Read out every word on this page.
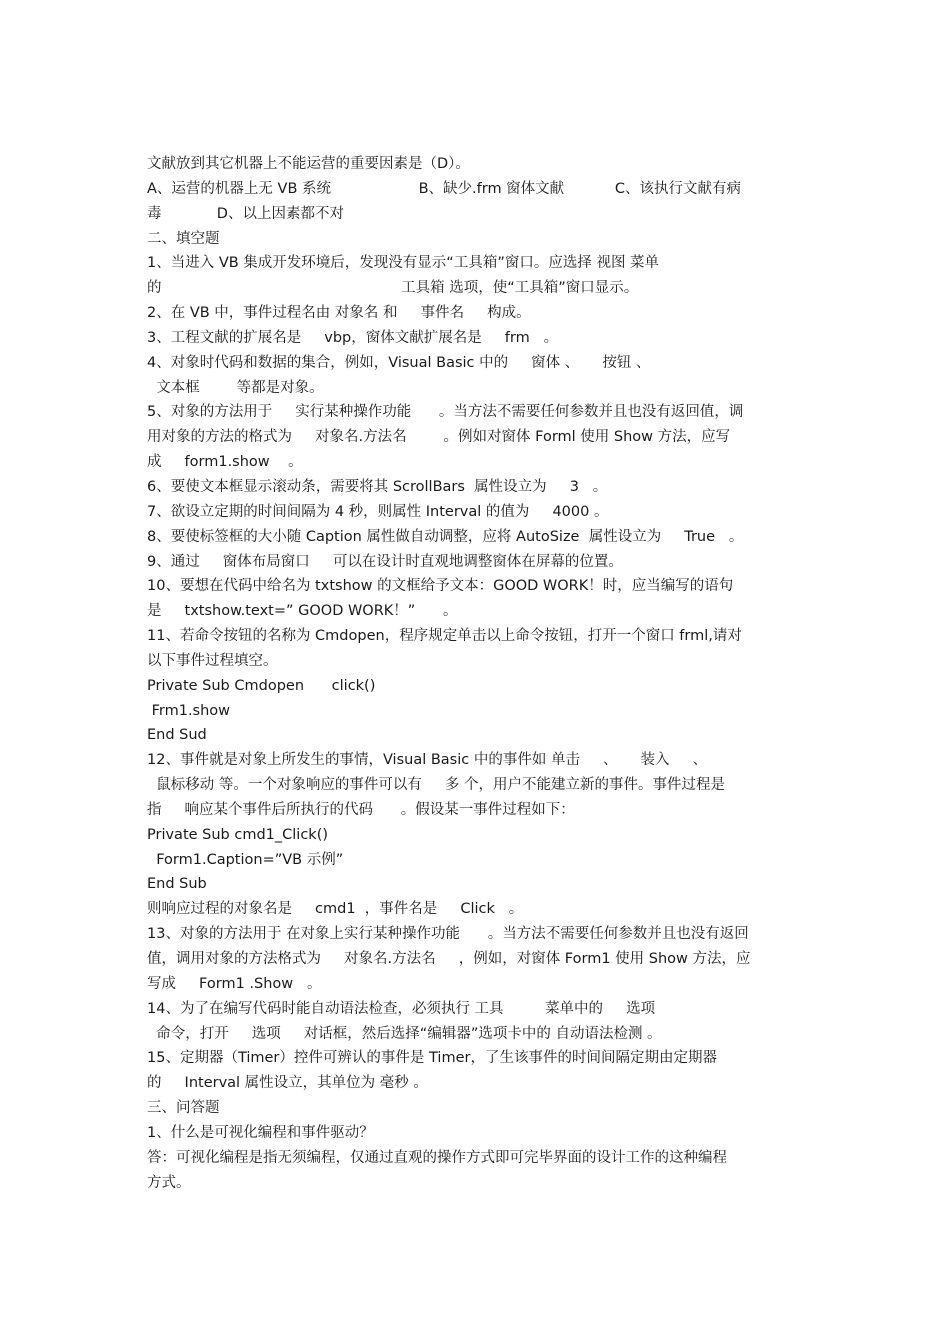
文献放到其它机器上不能运营的重要因素是（D）。
A、运营的机器上无 VB 系统                   B、缺少.frm 窗体文献           C、该执行文献有病
毒            D、以上因素都不对
二、填空题
1、当进入 VB 集成开发环境后，发现没有显示“工具箱”窗口。应选择 视图 菜单
的                                                    工具箱 选项，使“工具箱”窗口显示。
2、在 VB 中，事件过程名由 对象名 和     事件名     构成。
3、工程文献的扩展名是     vbp，窗体文献扩展名是     frm   。
4、对象时代码和数据的集合，例如，Visual Basic 中的     窗体 、     按钮 、
文本框        等都是对象。
5、对象的方法用于     实行某种操作功能      。当方法不需要任何参数并且也没有返回值，调
用对象的方法的格式为     对象名.方法名        。例如对窗体 Forml 使用 Show 方法，应写
成     form1.show    。
6、要使文本框显示滚动条，需要将其 ScrollBars  属性设立为     3   。
7、欲设立定期的时间间隔为 4 秒，则属性 Interval 的值为     4000 。
8、要使标签框的大小随 Caption 属性做自动调整，应将 AutoSize  属性设立为     True   。
9、通过     窗体布局窗口     可以在设计时直观地调整窗体在屏幕的位置。
10、要想在代码中给名为 txtshow 的文框给予文本：GOOD WORK！时，应当编写的语句
是     txtshow.text=” GOOD WORK！”      。
11、若命令按钮的名称为 Cmdopen，程序规定单击以上命令按钮，打开一个窗口 frml,请对
以下事件过程填空。
Private Sub Cmdopen      click()
Frm1.show
End Sud
12、事件就是对象上所发生的事情，Visual Basic 中的事件如 单击     、     装入     、
鼠标移动 等。一个对象响应的事件可以有     多 个，用户不能建立新的事件。事件过程是
指     响应某个事件后所执行的代码      。假设某一事件过程如下：
Private Sub cmd1_Click()
Form1.Caption=”VB 示例”
End Sub
则响应过程的对象名是     cmd1  ，事件名是     Click   。
13、对象的方法用于 在对象上实行某种操作功能      。当方法不需要任何参数并且也没有返回
值，调用对象的方法格式为     对象名.方法名     ，例如，对窗体 Form1 使用 Show 方法，应
写成     Form1 .Show   。
14、为了在编写代码时能自动语法检查，必须执行 工具         菜单中的     选项
命令，打开     选项     对话框，然后选择“编辑器”选项卡中的 自动语法检测 。
15、定期器（Timer）控件可辨认的事件是 Timer，了生该事件的时间间隔定期由定期器
的     Interval 属性设立，其单位为 毫秒 。
三、问答题
1、什么是可视化编程和事件驱动？
答：可视化编程是指无须编程，仅通过直观的操作方式即可完毕界面的设计工作的这种编程
方式。
